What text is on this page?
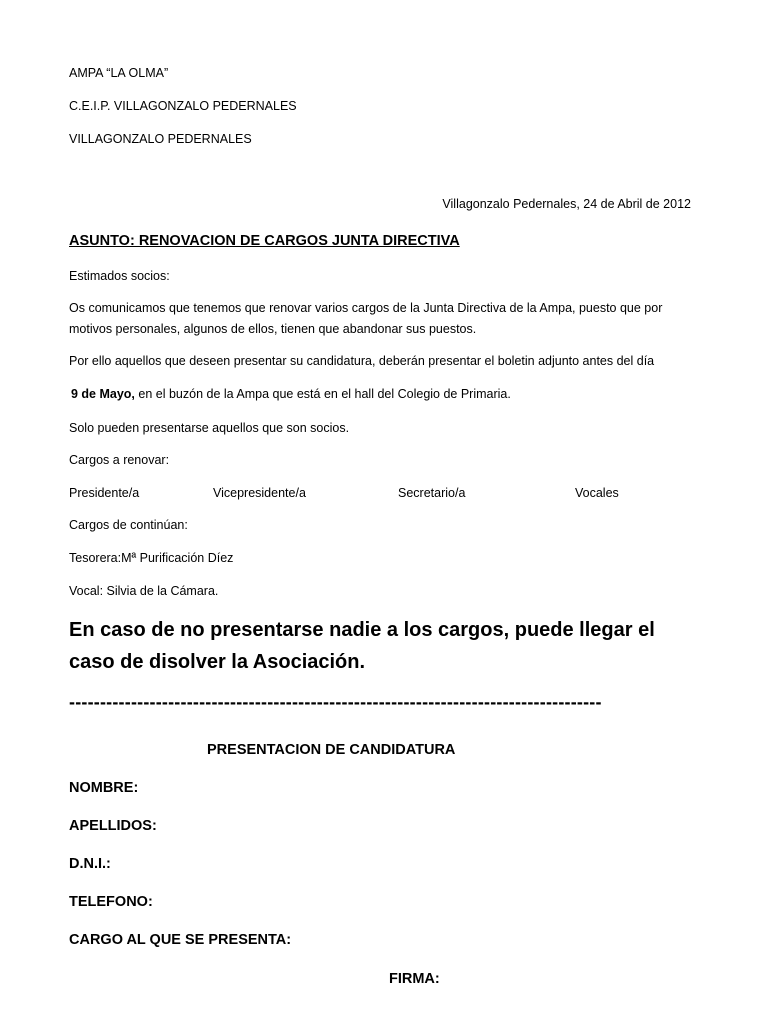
AMPA “LA OLMA”
C.E.I.P. VILLAGONZALO PEDERNALES
VILLAGONZALO PEDERNALES
Villagonzalo Pedernales, 24 de Abril de 2012
ASUNTO: RENOVACION DE CARGOS JUNTA DIRECTIVA
Estimados socios:
Os comunicamos que tenemos que renovar varios cargos de la Junta Directiva de la Ampa, puesto que por
motivos personales, algunos de ellos, tienen que abandonar sus puestos.
Por ello aquellos que deseen presentar su candidatura, deberán presentar el boletin adjunto antes del día
9 de Mayo, en el buzón de la Ampa que está en el hall del Colegio de Primaria.
Solo pueden presentarse aquellos que son socios.
Cargos a renovar:
Presidente/a	Vicepresidente/a	Secretario/a	Vocales
Cargos de continúan:
Tesorera:Mª Purificación Díez
Vocal: Silvia de la Cámara.
En caso de no presentarse nadie a los cargos, puede llegar el
caso de disolver la Asociación.
--------------------------------------------------------------------------------------
PRESENTACION DE CANDIDATURA
NOMBRE:
APELLIDOS:
D.N.I.:
TELEFONO:
CARGO AL QUE SE PRESENTA:
FIRMA:
